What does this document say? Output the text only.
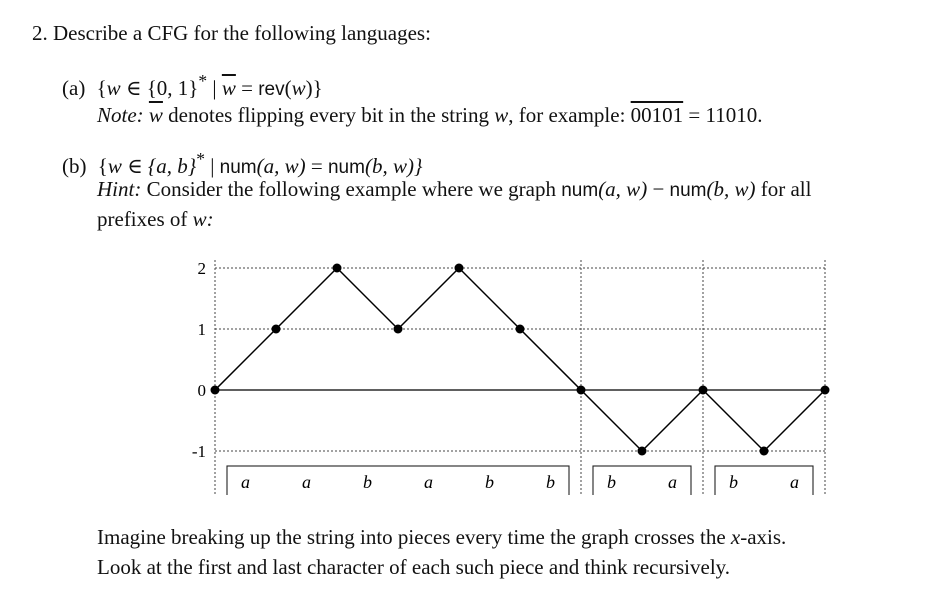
2. Describe a CFG for the following languages:
(a) {w ∈ {0, 1}* | $\overline{w} = rev(w)$}
Note: $\overline{w}$ denotes flipping every bit in the string w, for example: 00101 = 11010.
(b) {w ∈ {a, b}* | num(a, w) = num(b, w)}
Hint: Consider the following example where we graph num(a, w) − num(b, w) for all
prefixes of w:
2
1
0
-1
a	a	b	a	b	b	b	a	b	a
Imagine breaking up the string into pieces every time the graph crosses the x-axis.
Look at the first and last character of each such piece and think recursively.
